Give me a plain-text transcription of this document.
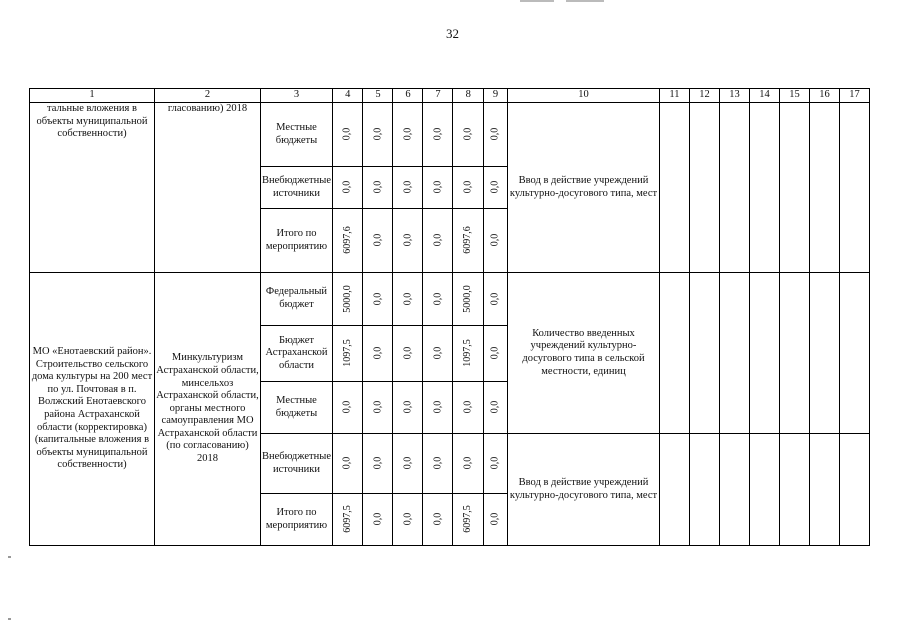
32
1	2	3	4	5	6	7	8	9	10	11	12	13	14	15	16	17
тальные вложения в объекты муниципальной собственности)	гласованию) 2018	Местные бюджеты	0,0	0,0	0,0	0,0	0,0	0,0	Ввод в действие учреждений культурно-досугового типа, мест							
		Внебюджетные источники	0,0	0,0	0,0	0,0	0,0	0,0								
		Итого по мероприятию	6097,6	0,0	0,0	0,0	6097,6	0,0								
МО «Енотаевский район». Строительство сельского дома культуры на 200 мест по ул. Почтовая в п. Волжский Енотаевского района Астраханской области (корректировка) (капитальные вложения в объекты муниципальной собственности)	Минкультуризм Астраханской области, минсельхоз Астраханской области, органы местного самоуправления МО Астраханской области (по согласованию) 2018	Федеральный бюджет	5000,0	0,0	0,0	0,0	5000,0	0,0	Количество введенных учреждений культурно-досугового типа в сельской местности, единиц							
		Бюджет Астраханской области	1097,5	0,0	0,0	0,0	1097,5	0,0								
		Местные бюджеты	0,0	0,0	0,0	0,0	0,0	0,0								
		Внебюджетные источники	0,0	0,0	0,0	0,0	0,0	0,0	Ввод в действие учреждений культурно-досугового типа, мест							
		Итого по мероприятию	6097,5	0,0	0,0	0,0	6097,5	0,0								
